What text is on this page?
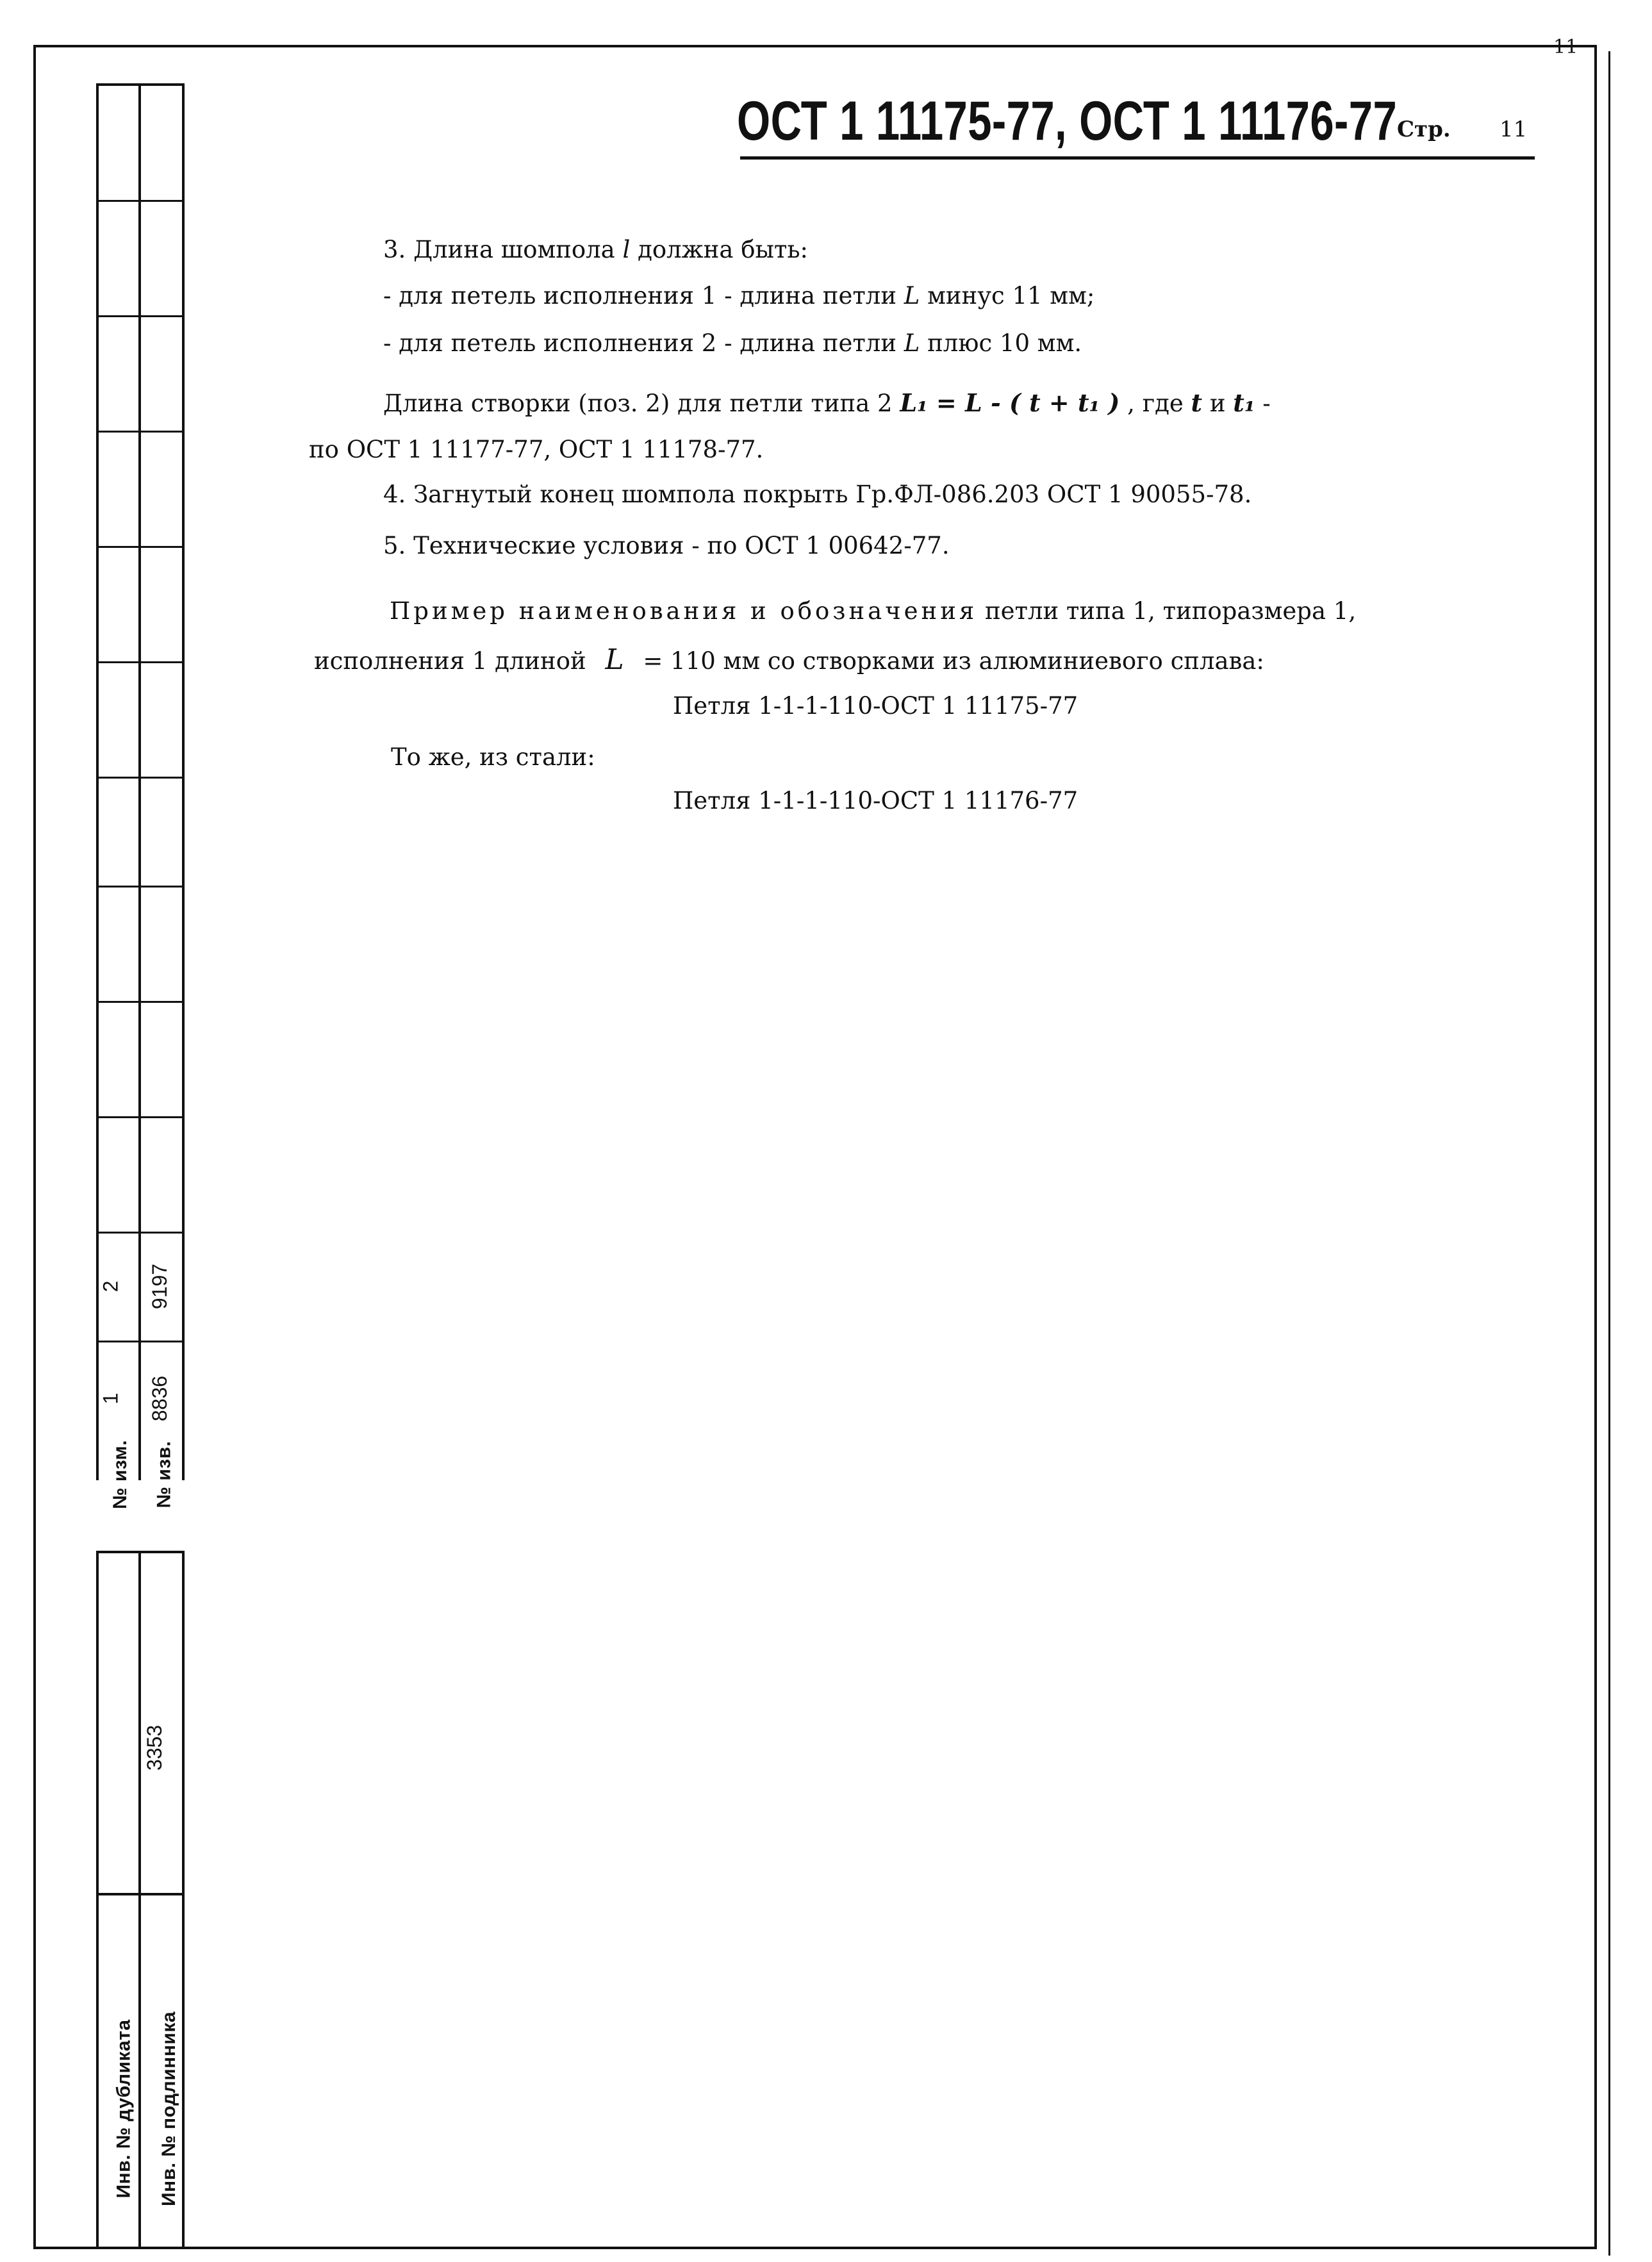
11
2 9197
1 8836
№ изм. № изв.
3353
Инв. № дубликата Инв. № подлинника
ОСТ 1 11175-77, ОСТ 1 11176-77 Стр. 11
3. Длина шомпола l должна быть:
- для петель исполнения 1 - длина петли L минус 11 мм;
- для петель исполнения 2 - длина петли L плюс 10 мм.
Длина створки (поз. 2) для петли типа 2 L₁ = L - ( t + t₁ ) , где t и t₁ -
по ОСТ 1 11177-77, ОСТ 1 11178-77.
4. Загнутый конец шомпола покрыть Гр.ФЛ-086.203 ОСТ 1 90055-78.
5. Технические условия - по ОСТ 1 00642-77.
Пример наименования и обозначения петли типа 1, типоразмера 1,
исполнения 1 длиной L = 110 мм со створками из алюминиевого сплава:
Петля 1-1-1-110-ОСТ 1 11175-77
То же, из стали:
Петля 1-1-1-110-ОСТ 1 11176-77
